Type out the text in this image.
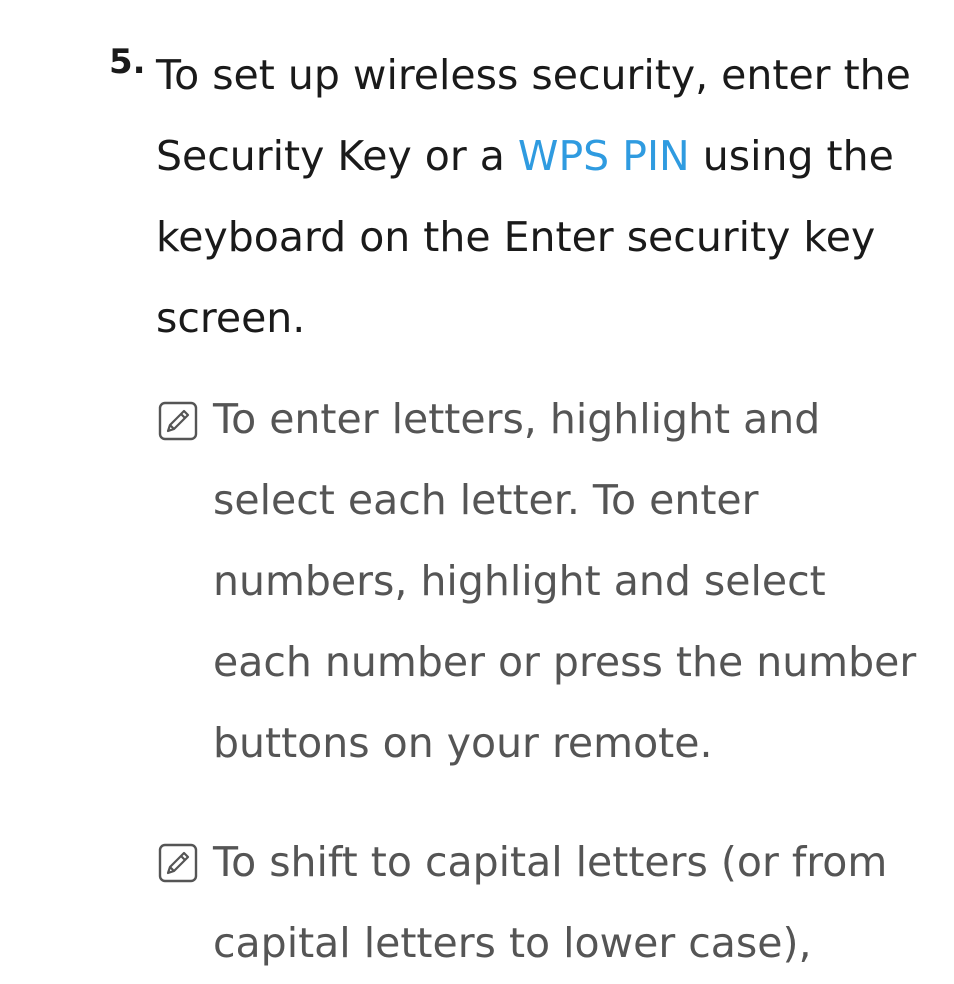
5. To set up wireless security, enter the
Security Key or a WPS PIN using the
keyboard on the Enter security key
screen.

To enter letters, highlight and
select each letter. To enter
numbers, highlight and select
each number or press the number
buttons on your remote.

To shift to capital letters (or from
capital letters to lower case),
